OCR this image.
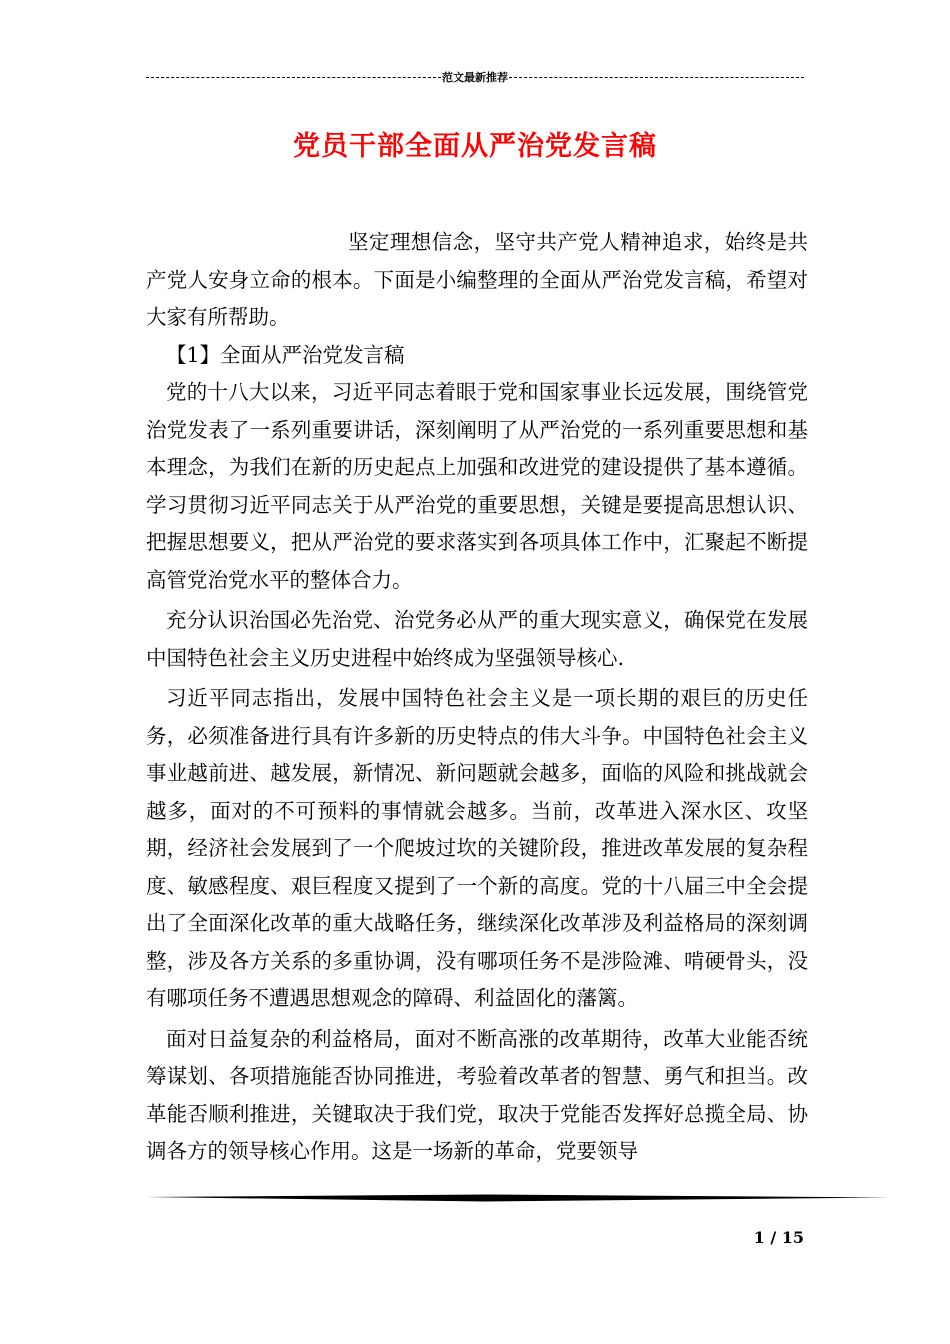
范文最新推荐
党员干部全面从严治党发言稿

坚定理想信念，坚守共产党人精神追求，始终是共产党人安身立命的根本。下面是小编整理的全面从严治党发言稿，希望对大家有所帮助。

【1】全面从严治党发言稿

党的十八大以来，习近平同志着眼于党和国家事业长远发展，围绕管党治党发表了一系列重要讲话，深刻阐明了从严治党的一系列重要思想和基本理念，为我们在新的历史起点上加强和改进党的建设提供了基本遵循。学习贯彻习近平同志关于从严治党的重要思想，关键是要提高思想认识、把握思想要义，把从严治党的要求落实到各项具体工作中，汇聚起不断提高管党治党水平的整体合力。

充分认识治国必先治党、治党务必从严的重大现实意义，确保党在发展中国特色社会主义历史进程中始终成为坚强领导核心.

习近平同志指出，发展中国特色社会主义是一项长期的艰巨的历史任务，必须准备进行具有许多新的历史特点的伟大斗争。中国特色社会主义事业越前进、越发展，新情况、新问题就会越多，面临的风险和挑战就会越多，面对的不可预料的事情就会越多。当前，改革进入深水区、攻坚期，经济社会发展到了一个爬坡过坎的关键阶段，推进改革发展的复杂程度、敏感程度、艰巨程度又提到了一个新的高度。党的十八届三中全会提出了全面深化改革的重大战略任务，继续深化改革涉及利益格局的深刻调整，涉及各方关系的多重协调，没有哪项任务不是涉险滩、啃硬骨头，没有哪项任务不遭遇思想观念的障碍、利益固化的藩篱。

面对日益复杂的利益格局，面对不断高涨的改革期待，改革大业能否统筹谋划、各项措施能否协同推进，考验着改革者的智慧、勇气和担当。改革能否顺利推进，关键取决于我们党，取决于党能否发挥好总揽全局、协调各方的领导核心作用。这是一场新的革命，党要领导

1 / 15
